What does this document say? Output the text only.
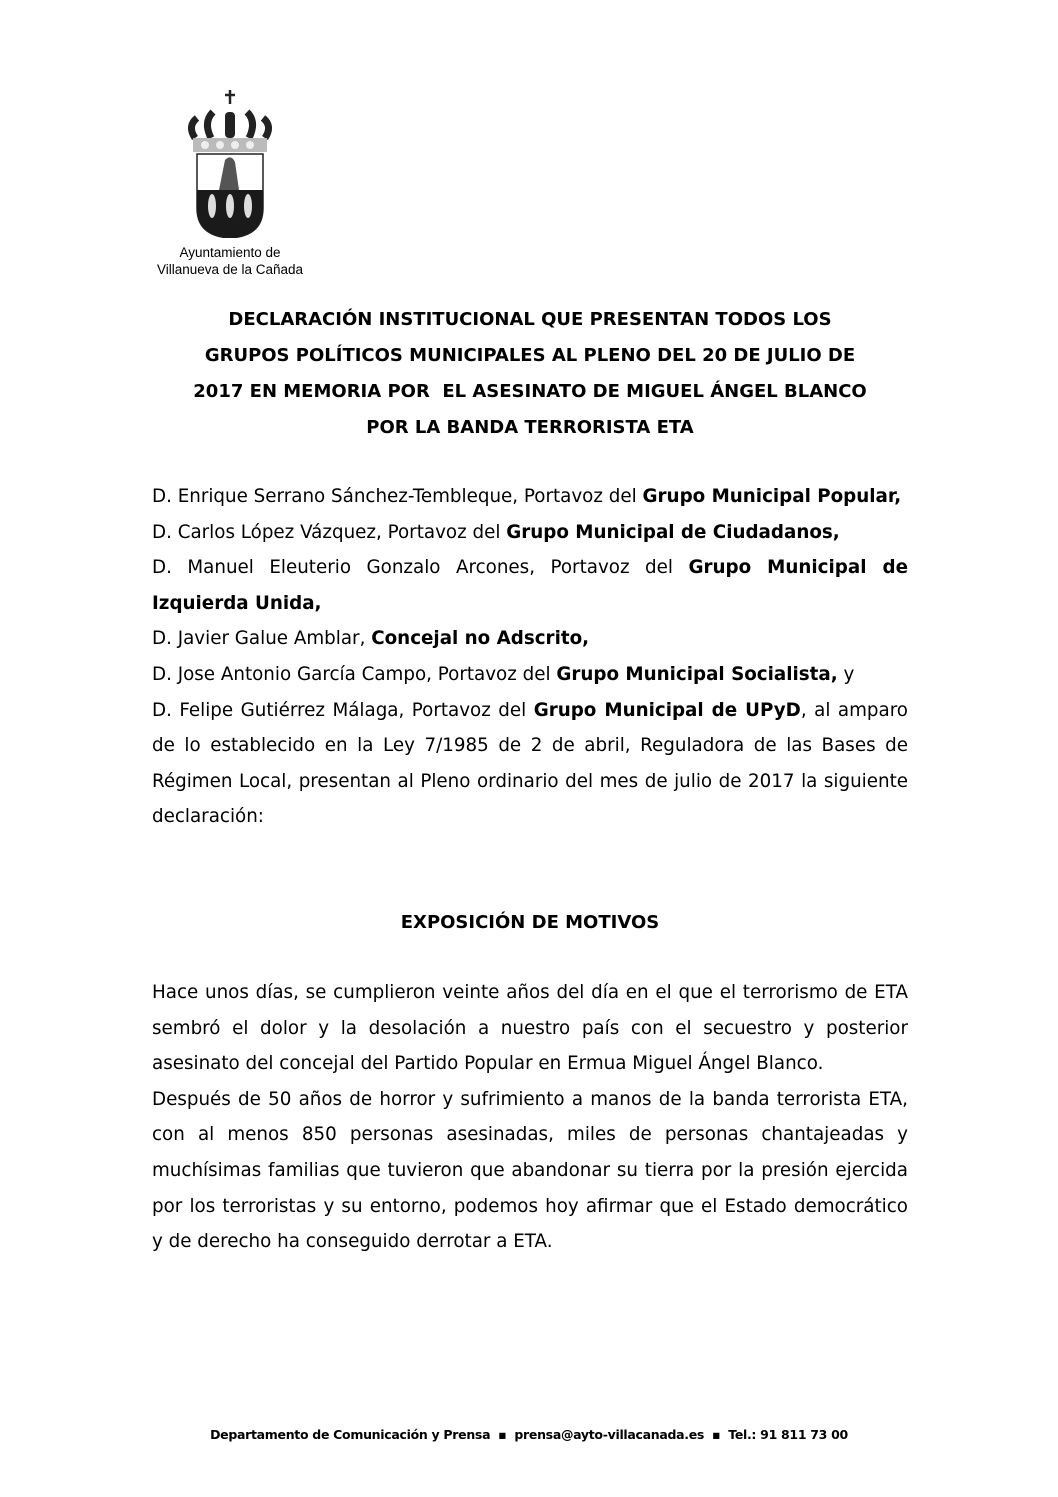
Ayuntamiento de
Villanueva de la Cañada
DECLARACIÓN INSTITUCIONAL QUE PRESENTAN TODOS LOS
GRUPOS POLÍTICOS MUNICIPALES AL PLENO DEL 20 DE JULIO DE
2017 EN MEMORIA POR  EL ASESINATO DE MIGUEL ÁNGEL BLANCO
POR LA BANDA TERRORISTA ETA

D. Enrique Serrano Sánchez-Tembleque, Portavoz del Grupo Municipal Popular,

D. Carlos López Vázquez, Portavoz del Grupo Municipal de Ciudadanos,

D. Manuel Eleuterio Gonzalo Arcones, Portavoz del Grupo Municipal de Izquierda Unida,

D. Javier Galue Amblar, Concejal no Adscrito,

D. Jose Antonio García Campo, Portavoz del Grupo Municipal Socialista, y

D. Felipe Gutiérrez Málaga, Portavoz del Grupo Municipal de UPyD, al amparo de lo establecido en la Ley 7/1985 de 2 de abril, Reguladora de las Bases de Régimen Local, presentan al Pleno ordinario del mes de julio de 2017 la siguiente declaración:

EXPOSICIÓN DE MOTIVOS

Hace unos días, se cumplieron veinte años del día en el que el terrorismo de ETA sembró el dolor y la desolación a nuestro país con el secuestro y posterior asesinato del concejal del Partido Popular en Ermua Miguel Ángel Blanco.

Después de 50 años de horror y sufrimiento a manos de la banda terrorista ETA, con al menos 850 personas asesinadas, miles de personas chantajeadas y muchísimas familias que tuvieron que abandonar su tierra por la presión ejercida por los terroristas y su entorno, podemos hoy afirmar que el Estado democrático y de derecho ha conseguido derrotar a ETA.

Departamento de Comunicación y Prensa ▪ prensa@ayto-villacanada.es ▪ Tel.: 91 811 73 00
